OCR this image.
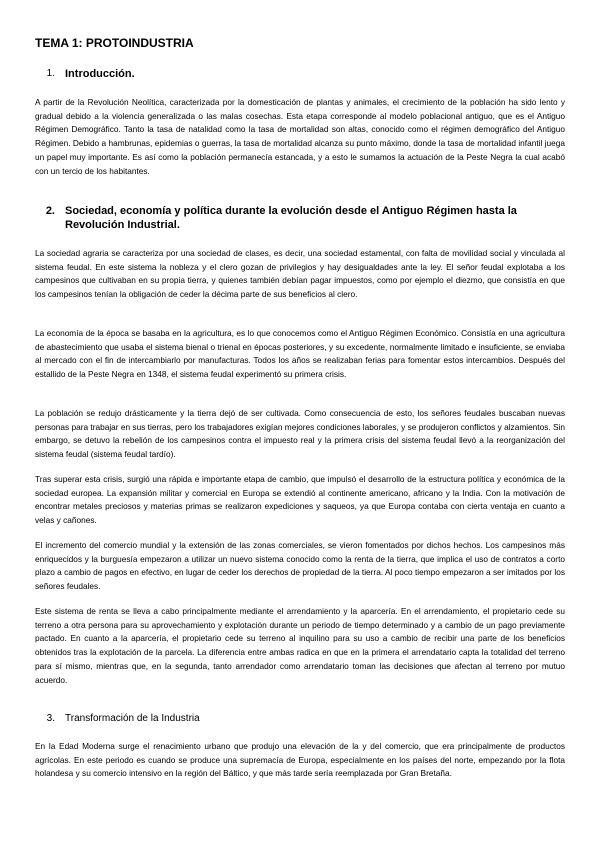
TEMA 1: PROTOINDUSTRIA
1. Introducción.

A partir de la Revolución Neolítica, caracterizada por la domesticación de plantas y animales, el crecimiento de la población ha sido lento y gradual debido a la violencia generalizada o las malas cosechas. Esta etapa corresponde al modelo poblacional antiguo, que es el Antiguo Régimen Demográfico. Tanto la tasa de natalidad como la tasa de mortalidad son altas, conocido como el régimen demográfico del Antiguo Régimen. Debido a hambrunas, epidemias o guerras, la tasa de mortalidad alcanza su punto máximo, donde la tasa de mortalidad infantil juega un papel muy importante. Es así como la población permanecía estancada, y a esto le sumamos la actuación de la Peste Negra la cual acabó con un tercio de los habitantes.

2. Sociedad, economía y política durante la evolución desde el Antiguo Régimen hasta la Revolución Industrial.

La sociedad agraria se caracteriza por una sociedad de clases, es decir, una sociedad estamental, con falta de movilidad social y vinculada al sistema feudal. En este sistema la nobleza y el clero gozan de privilegios y hay desigualdades ante la ley. El señor feudal explotaba a los campesinos que cultivaban en su propia tierra, y quienes también debían pagar impuestos, como por ejemplo el diezmo, que consistía en que los campesinos tenían la obligación de ceder la décima parte de sus beneficios al clero.

La economía de la época se basaba en la agricultura, es lo que conocemos como el Antiguo Régimen Económico. Consistía en una agricultura de abastecimiento que usaba el sistema bienal o trienal en épocas posteriores, y su excedente, normalmente limitado e insuficiente, se enviaba al mercado con el fin de intercambiarlo por manufacturas. Todos los años se realizaban ferias para fomentar estos intercambios. Después del estallido de la Peste Negra en 1348, el sistema feudal experimentó su primera crisis.

La población se redujo drásticamente y la tierra dejó de ser cultivada. Como consecuencia de esto, los señores feudales buscaban nuevas personas para trabajar en sus tierras, pero los trabajadores exigían mejores condiciones laborales, y se produjeron conflictos y alzamientos. Sin embargo, se detuvo la rebelión de los campesinos contra el impuesto real y la primera crisis del sistema feudal llevó a la reorganización del sistema feudal (sistema feudal tardío).

Tras superar esta crisis, surgió una rápida e importante etapa de cambio, que impulsó el desarrollo de la estructura política y económica de la sociedad europea. La expansión militar y comercial en Europa se extendió al continente americano, africano y la India. Con la motivación de encontrar metales preciosos y materias primas se realizaron expediciones y saqueos, ya que Europa contaba con cierta ventaja en cuanto a velas y cañones.

El incremento del comercio mundial y la extensión de las zonas comerciales, se vieron fomentados por dichos hechos. Los campesinos más enriquecidos y la burguesía empezaron a utilizar un nuevo sistema conocido como la renta de la tierra, que implica el uso de contratos a corto plazo a cambio de pagos en efectivo, en lugar de ceder los derechos de propiedad de la tierra. Al poco tiempo empezaron a ser imitados por los señores feudales.

Este sistema de renta se lleva a cabo principalmente mediante el arrendamiento y la aparcería. En el arrendamiento, el propietario cede su terreno a otra persona para su aprovechamiento y explotación durante un periodo de tiempo determinado y a cambio de un pago previamente pactado. En cuanto a la aparcería, el propietario cede su terreno al inquilino para su uso a cambio de recibir una parte de los beneficios obtenidos tras la explotación de la parcela. La diferencia entre ambas radica en que en la primera el arrendatario capta la totalidad del terreno para sí mismo, mientras que, en la segunda, tanto arrendador como arrendatario toman las decisiones que afectan al terreno por mutuo acuerdo.

3. Transformación de la Industria

En la Edad Moderna surge el renacimiento urbano que produjo una elevación de la y del comercio, que era principalmente de productos agrícolas. En este periodo es cuando se produce una supremacía de Europa, especialmente en los países del norte, empezando por la flota holandesa y su comercio intensivo en la región del Báltico, y que más tarde sería reemplazada por Gran Bretaña.
